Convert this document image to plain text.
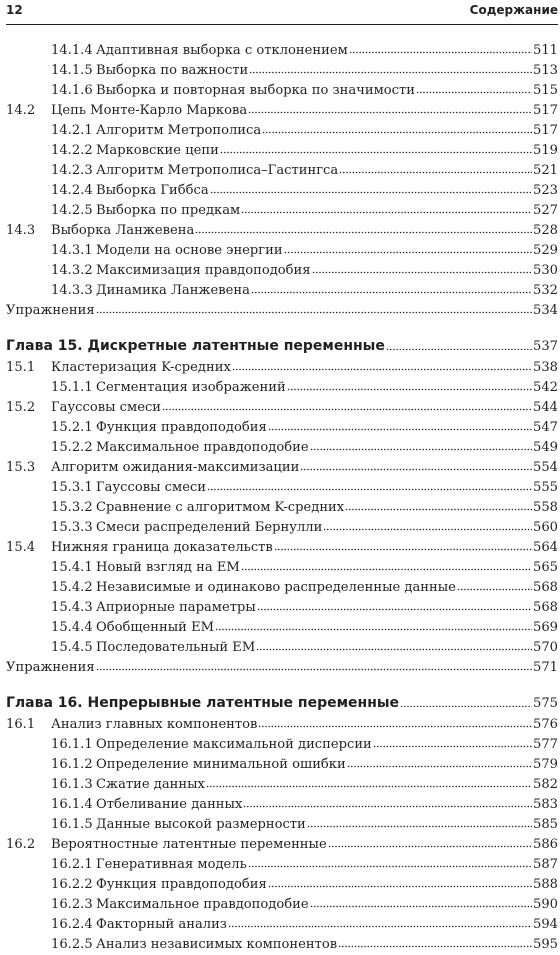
12	Содержание
14.1.4 Адаптивная выборка с отклонением	511
14.1.5 Выборка по важности	513
14.1.6 Выборка и повторная выборка по значимости	515
14.2	Цепь Монте-Карло Маркова	517
14.2.1 Алгоритм Метрополиса	517
14.2.2 Марковские цепи	519
14.2.3 Алгоритм Метрополиса–Гастингса	521
14.2.4 Выборка Гиббса	523
14.2.5 Выборка по предкам	527
14.3	Выборка Ланжевена	528
14.3.1 Модели на основе энергии	529
14.3.2 Максимизация правдоподобия	530
14.3.3 Динамика Ланжевена	532
Упражнения	534
Глава 15. Дискретные латентные переменные	537
15.1	Кластеризация K-средних	538
15.1.1 Сегментация изображений	542
15.2	Гауссовы смеси	544
15.2.1 Функция правдоподобия	547
15.2.2 Максимальное правдоподобие	549
15.3	Алгоритм ожидания-максимизации	554
15.3.1 Гауссовы смеси	555
15.3.2 Сравнение с алгоритмом K-средних	558
15.3.3 Смеси распределений Бернулли	560
15.4	Нижняя граница доказательств	564
15.4.1 Новый взгляд на EM	565
15.4.2 Независимые и одинаково распределенные данные	568
15.4.3 Априорные параметры	568
15.4.4 Обобщенный EM	569
15.4.5 Последовательный EM	570
Упражнения	571
Глава 16. Непрерывные латентные переменные	575
16.1	Анализ главных компонентов	576
16.1.1 Определение максимальной дисперсии	577
16.1.2 Определение минимальной ошибки	579
16.1.3 Сжатие данных	582
16.1.4 Отбеливание данных	583
16.1.5 Данные высокой размерности	585
16.2	Вероятностные латентные переменные	586
16.2.1 Генеративная модель	587
16.2.2 Функция правдоподобия	588
16.2.3 Максимальное правдоподобие	590
16.2.4 Факторный анализ	594
16.2.5 Анализ независимых компонентов	595
